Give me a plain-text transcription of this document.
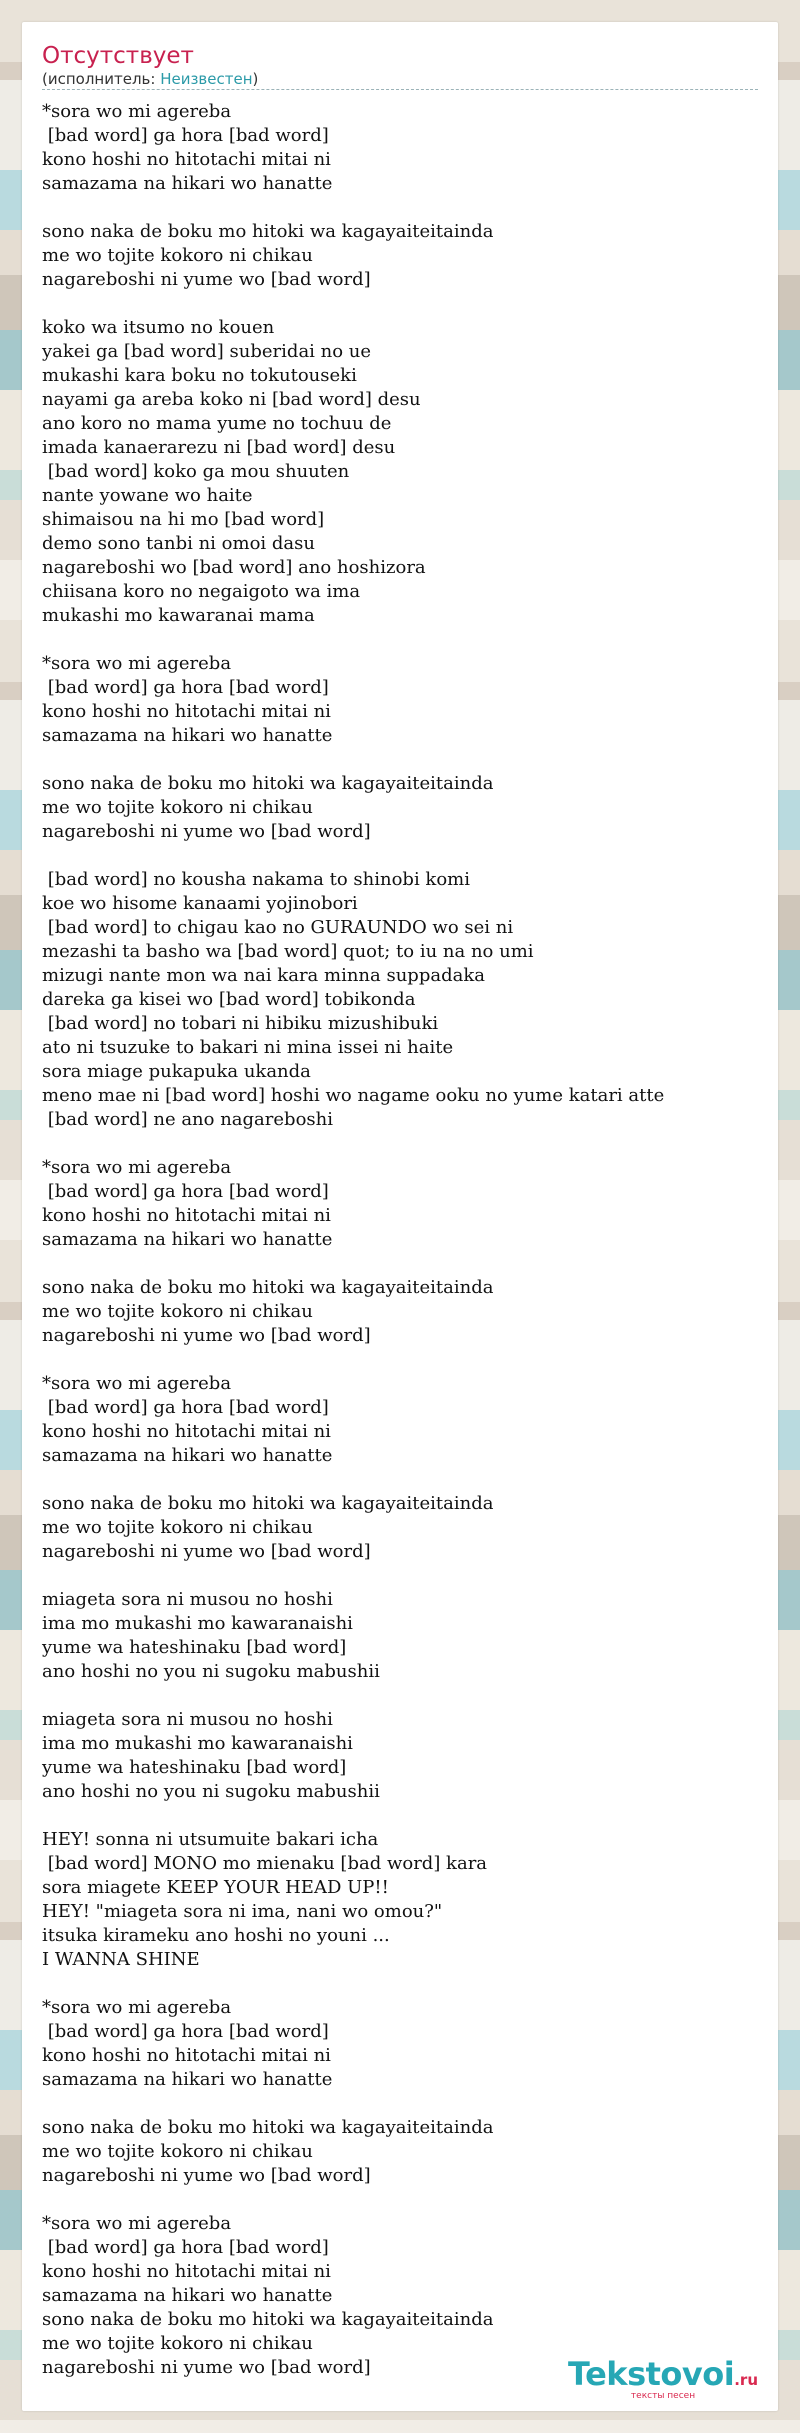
Отсутствует
(исполнитель: Неизвестен)
*sora wo mi agereba
[bad word] ga hora [bad word]
kono hoshi no hitotachi mitai ni
samazama na hikari wo hanatte

sono naka de boku mo hitoki wa kagayaiteitainda
me wo tojite kokoro ni chikau
nagareboshi ni yume wo [bad word]

koko wa itsumo no kouen
yakei ga [bad word] suberidai no ue
mukashi kara boku no tokutouseki
nayami ga areba koko ni [bad word] desu
ano koro no mama yume no tochuu de
imada kanaerarezu ni [bad word] desu
[bad word] koko ga mou shuuten
nante yowane wo haite
shimaisou na hi mo [bad word]
demo sono tanbi ni omoi dasu
nagareboshi wo [bad word] ano hoshizora
chiisana koro no negaigoto wa ima
mukashi mo kawaranai mama

*sora wo mi agereba
[bad word] ga hora [bad word]
kono hoshi no hitotachi mitai ni
samazama na hikari wo hanatte

sono naka de boku mo hitoki wa kagayaiteitainda
me wo tojite kokoro ni chikau
nagareboshi ni yume wo [bad word]

[bad word] no kousha nakama to shinobi komi
koe wo hisome kanaami yojinobori
[bad word] to chigau kao no GURAUNDO wo sei ni
mezashi ta basho wa [bad word] quot; to iu na no umi
mizugi nante mon wa nai kara minna suppadaka
dareka ga kisei wo [bad word] tobikonda
[bad word] no tobari ni hibiku mizushibuki
ato ni tsuzuke to bakari ni mina issei ni haite
sora miage pukapuka ukanda
meno mae ni [bad word] hoshi wo nagame ooku no yume katari atte
[bad word] ne ano nagareboshi

*sora wo mi agereba
[bad word] ga hora [bad word]
kono hoshi no hitotachi mitai ni
samazama na hikari wo hanatte

sono naka de boku mo hitoki wa kagayaiteitainda
me wo tojite kokoro ni chikau
nagareboshi ni yume wo [bad word]

*sora wo mi agereba
[bad word] ga hora [bad word]
kono hoshi no hitotachi mitai ni
samazama na hikari wo hanatte

sono naka de boku mo hitoki wa kagayaiteitainda
me wo tojite kokoro ni chikau
nagareboshi ni yume wo [bad word]

miageta sora ni musou no hoshi
ima mo mukashi mo kawaranaishi
yume wa hateshinaku [bad word]
ano hoshi no you ni sugoku mabushii

miageta sora ni musou no hoshi
ima mo mukashi mo kawaranaishi
yume wa hateshinaku [bad word]
ano hoshi no you ni sugoku mabushii

HEY! sonna ni utsumuite bakari icha
[bad word] MONO mo mienaku [bad word] kara
sora miagete KEEP YOUR HEAD UP!!
HEY! "miageta sora ni ima, nani wo omou?"
itsuka kirameku ano hoshi no youni ...
I WANNA SHINE

*sora wo mi agereba
[bad word] ga hora [bad word]
kono hoshi no hitotachi mitai ni
samazama na hikari wo hanatte

sono naka de boku mo hitoki wa kagayaiteitainda
me wo tojite kokoro ni chikau
nagareboshi ni yume wo [bad word]

*sora wo mi agereba
[bad word] ga hora [bad word]
kono hoshi no hitotachi mitai ni
samazama na hikari wo hanatte
sono naka de boku mo hitoki wa kagayaiteitainda
me wo tojite kokoro ni chikau
nagareboshi ni yume wo [bad word]	Tekstovoi.ru
тексты песен
